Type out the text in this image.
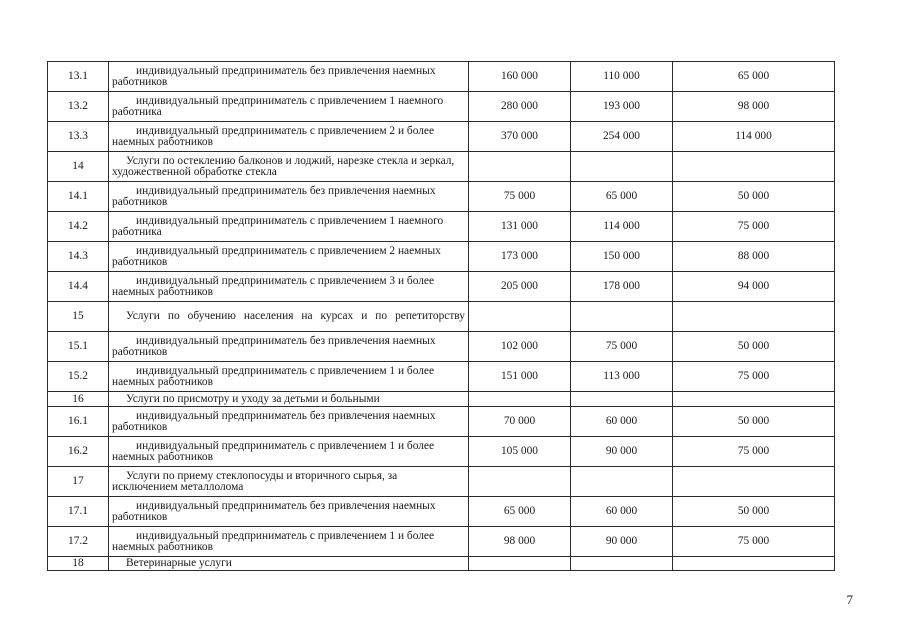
13.1	индивидуальный предприниматель без привлечения наемных работников	160 000	110 000	65 000
13.2	индивидуальный предприниматель с привлечением 1 наемного работника	280 000	193 000	98 000
13.3	индивидуальный предприниматель с привлечением 2 и более наемных работников	370 000	254 000	114 000
14	Услуги по остеклению балконов и лоджий, нарезке стекла и зеркал, художественной обработке стекла			

14.1	индивидуальный предприниматель без привлечения наемных работников	75 000	65 000	50 000
14.2	индивидуальный предприниматель с привлечением 1 наемного работника	131 000	114 000	75 000
14.3	индивидуальный предприниматель с привлечением 2 наемных работников	173 000	150 000	88 000
14.4	индивидуальный предприниматель с привлечением 3 и более наемных работников	205 000	178 000	94 000
15	Услуги по обучению населения на курсах и по репетиторству			

15.1	индивидуальный предприниматель без привлечения наемных работников	102 000	75 000	50 000
15.2	индивидуальный предприниматель с привлечением 1 и более наемных работников	151 000	113 000	75 000
16	Услуги по присмотру и уходу за детьми и больными			

16.1	индивидуальный предприниматель без привлечения наемных работников	70 000	60 000	50 000
16.2	индивидуальный предприниматель с привлечением 1 и более наемных работников	105 000	90 000	75 000
17	Услуги по приему стеклопосуды и вторичного сырья, за исключением металлолома			

17.1	индивидуальный предприниматель без привлечения наемных работников	65 000	60 000	50 000
17.2	индивидуальный предприниматель с привлечением 1 и более наемных работников	98 000	90 000	75 000
18	Ветеринарные услуги			

7
